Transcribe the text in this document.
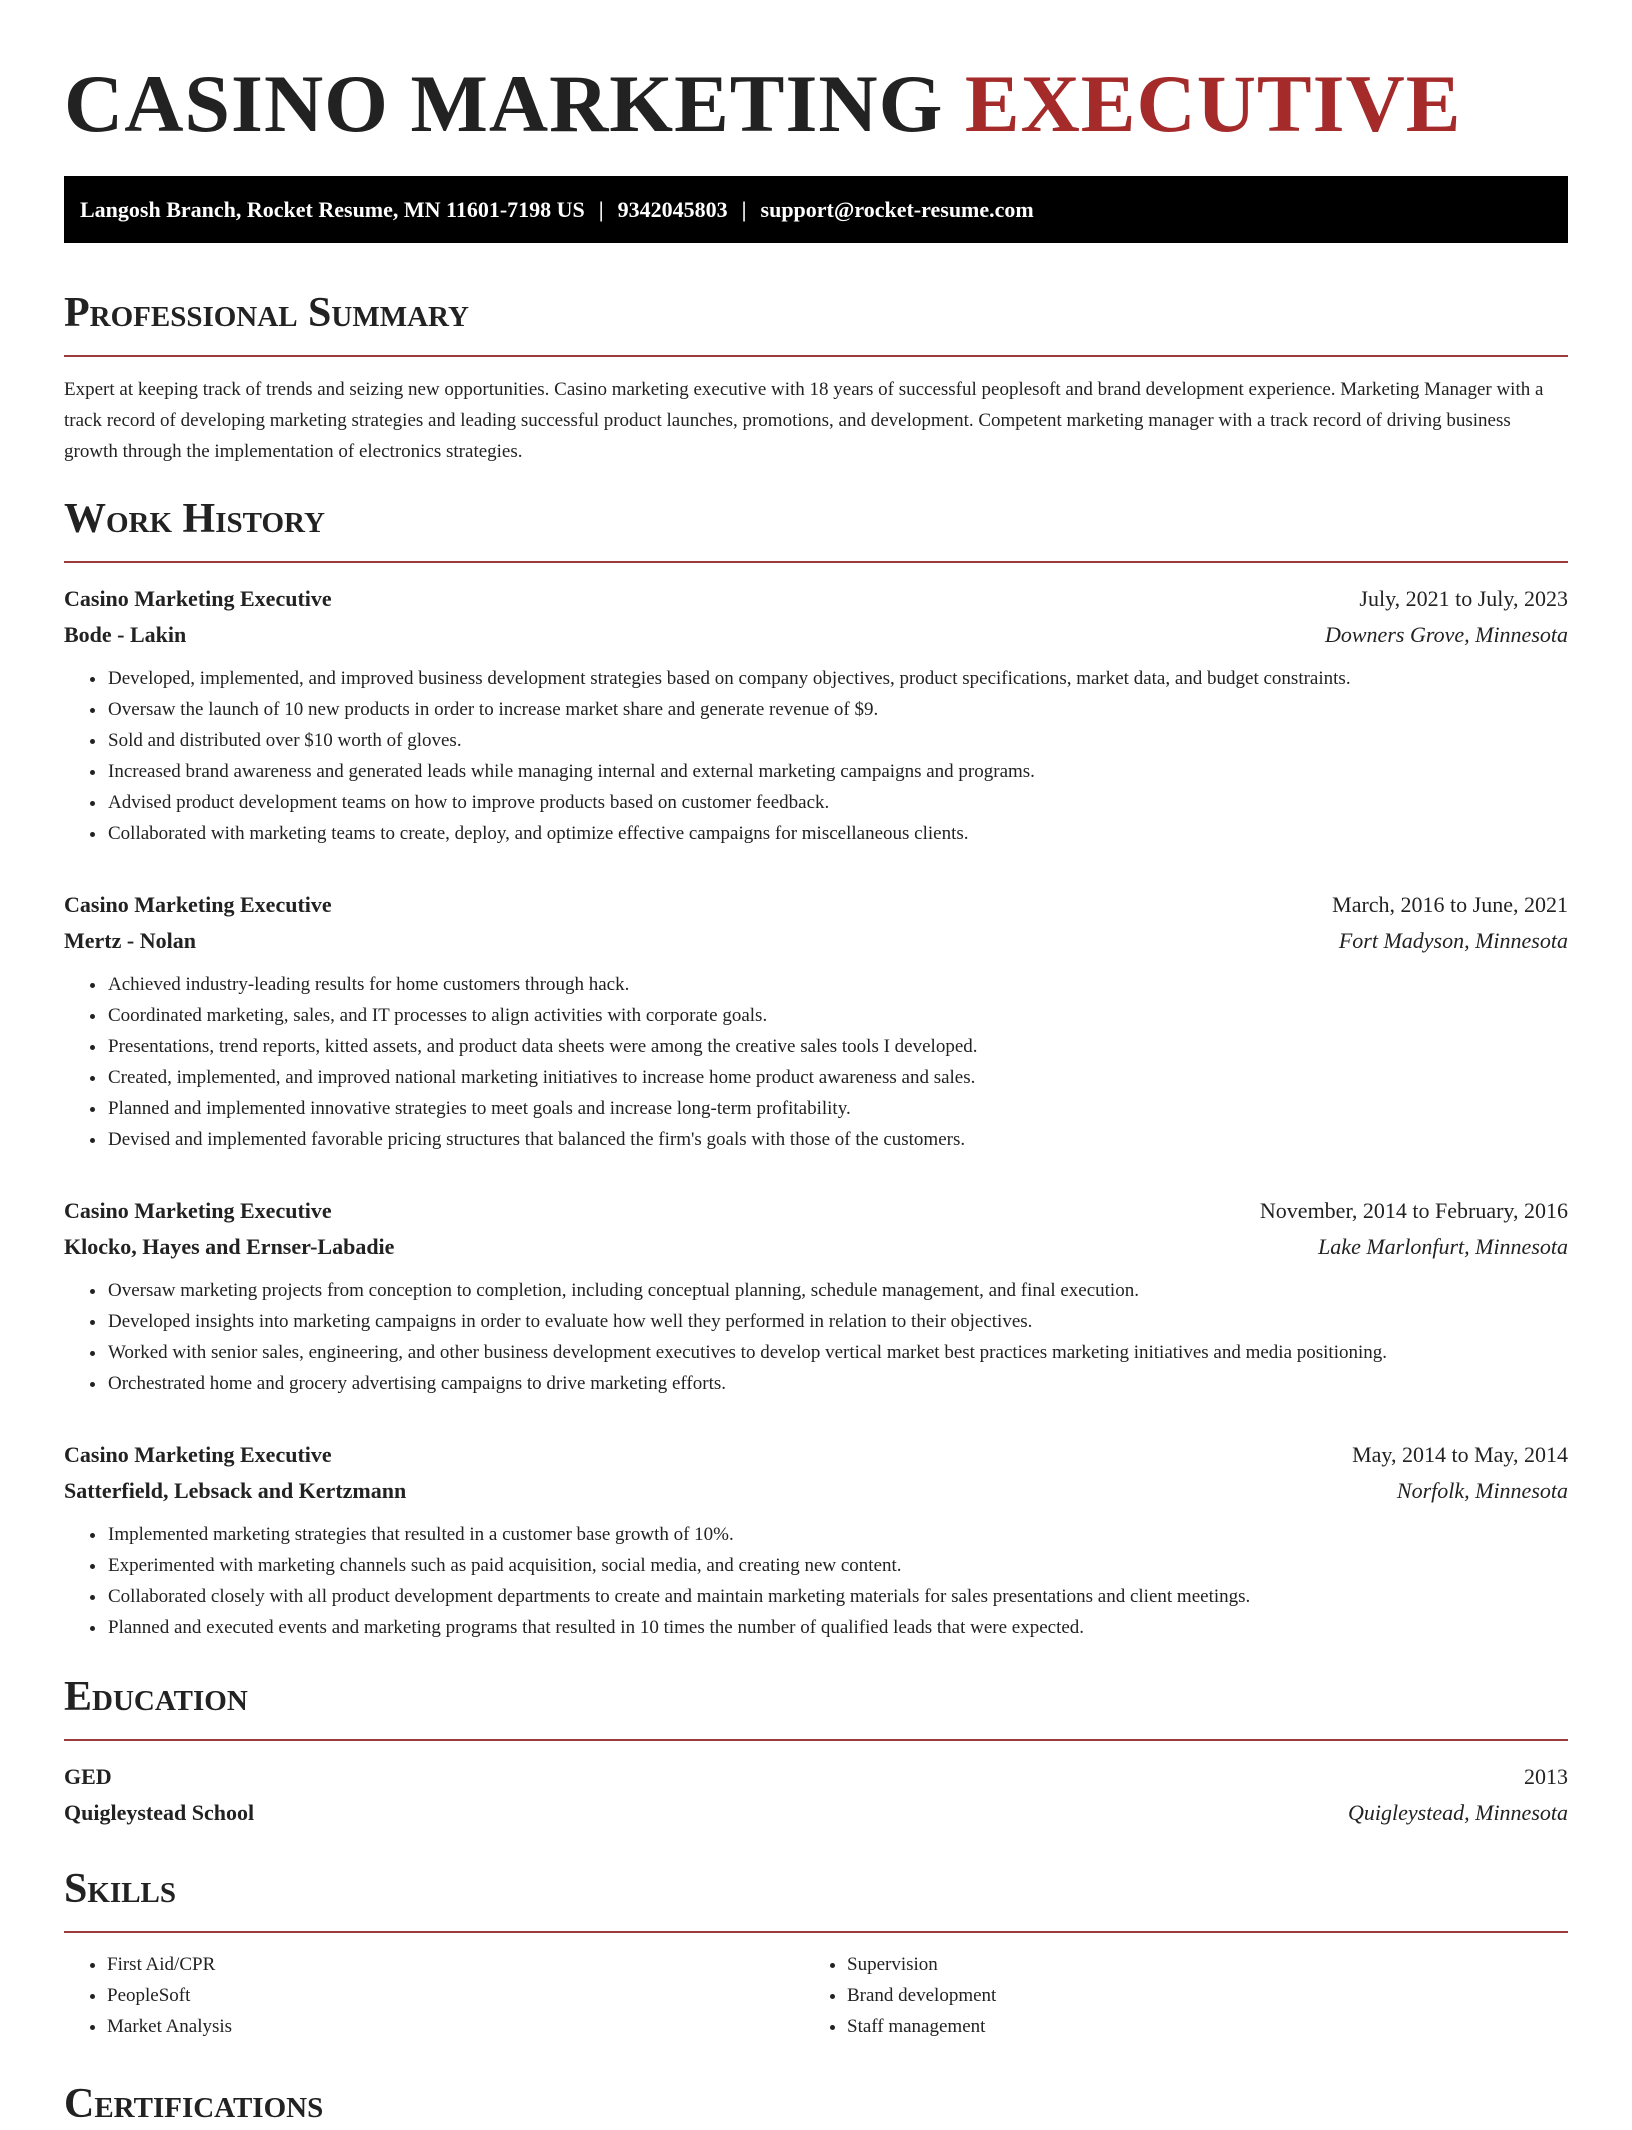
CASINO MARKETING EXECUTIVE
Langosh Branch, Rocket Resume, MN 11601-7198 US | 9342045803 | support@rocket-resume.com
Professional Summary

Expert at keeping track of trends and seizing new opportunities. Casino marketing executive with 18 years of successful peoplesoft and brand development experience. Marketing Manager with a track record of developing marketing strategies and leading successful product launches, promotions, and development. Competent marketing manager with a track record of driving business growth through the implementation of electronics strategies.

Work History
Casino Marketing Executive	July, 2021 to July, 2023
Bode - Lakin	Downers Grove, Minnesota
• Developed, implemented, and improved business development strategies based on company objectives, product specifications, market data, and budget constraints.
• Oversaw the launch of 10 new products in order to increase market share and generate revenue of $9.
• Sold and distributed over $10 worth of gloves.
• Increased brand awareness and generated leads while managing internal and external marketing campaigns and programs.
• Advised product development teams on how to improve products based on customer feedback.
• Collaborated with marketing teams to create, deploy, and optimize effective campaigns for miscellaneous clients.
Casino Marketing Executive	March, 2016 to June, 2021
Mertz - Nolan	Fort Madyson, Minnesota
• Achieved industry-leading results for home customers through hack.
• Coordinated marketing, sales, and IT processes to align activities with corporate goals.
• Presentations, trend reports, kitted assets, and product data sheets were among the creative sales tools I developed.
• Created, implemented, and improved national marketing initiatives to increase home product awareness and sales.
• Planned and implemented innovative strategies to meet goals and increase long-term profitability.
• Devised and implemented favorable pricing structures that balanced the firm's goals with those of the customers.
Casino Marketing Executive	November, 2014 to February, 2016
Klocko, Hayes and Ernser-Labadie	Lake Marlonfurt, Minnesota
• Oversaw marketing projects from conception to completion, including conceptual planning, schedule management, and final execution.
• Developed insights into marketing campaigns in order to evaluate how well they performed in relation to their objectives.
• Worked with senior sales, engineering, and other business development executives to develop vertical market best practices marketing initiatives and media positioning.
• Orchestrated home and grocery advertising campaigns to drive marketing efforts.
Casino Marketing Executive	May, 2014 to May, 2014
Satterfield, Lebsack and Kertzmann	Norfolk, Minnesota
• Implemented marketing strategies that resulted in a customer base growth of 10%.
• Experimented with marketing channels such as paid acquisition, social media, and creating new content.
• Collaborated closely with all product development departments to create and maintain marketing materials for sales presentations and client meetings.
• Planned and executed events and marketing programs that resulted in 10 times the number of qualified leads that were expected.
Education
GED	2013
Quigleystead School	Quigleystead, Minnesota
Skills
• First Aid/CPR
• PeopleSoft
• Market Analysis
• Supervision
• Brand development
• Staff management
Certifications
